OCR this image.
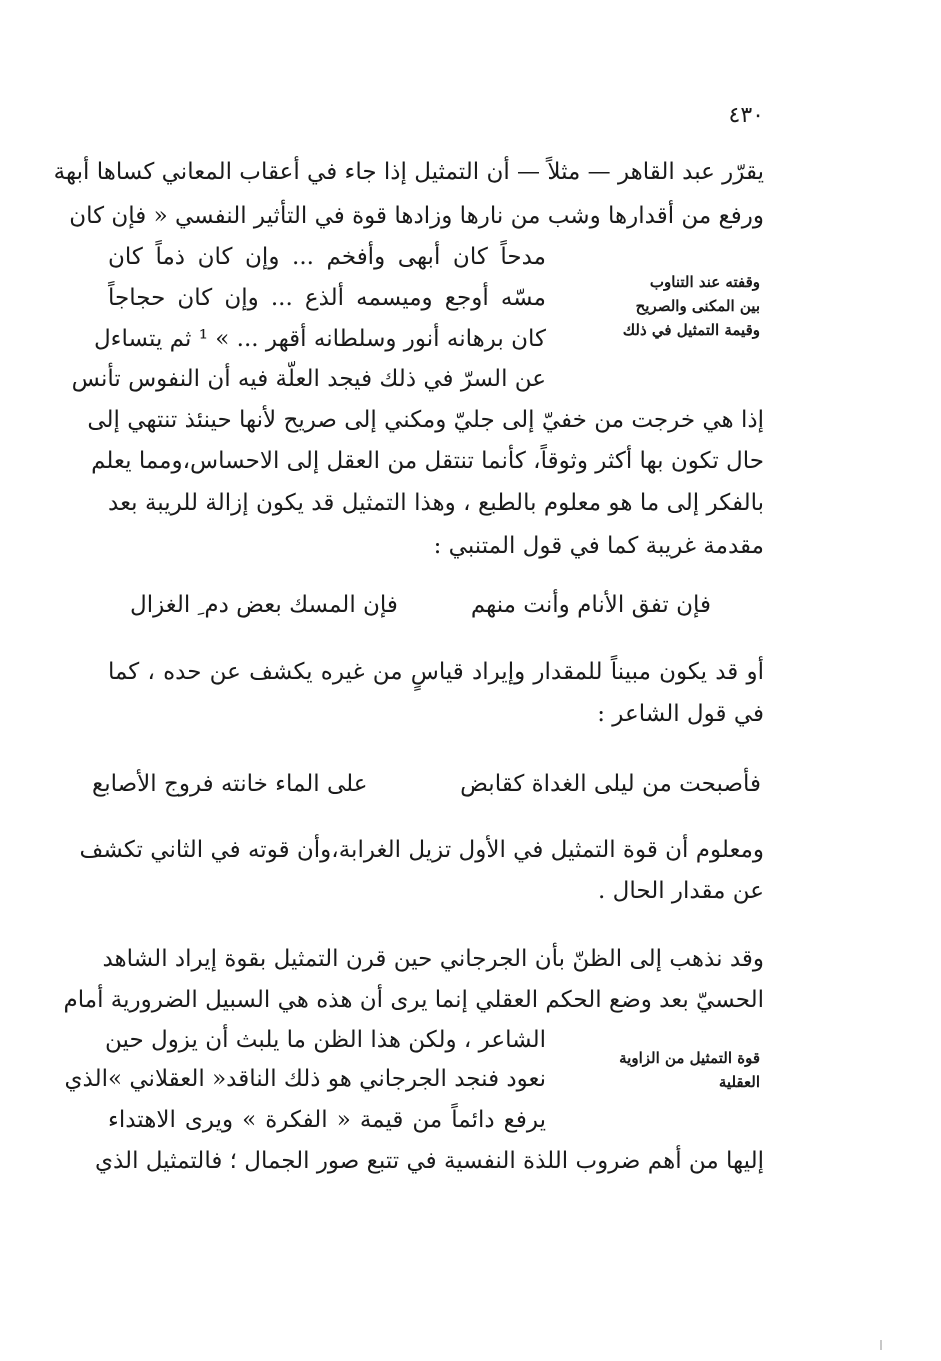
٤٣٠
يقرّر عبد القاهر — مثلاً — أن التمثيل إذا جاء في أعقاب المعاني كساها أبهة
ورفع من أقدارها وشب من نارها وزادها قوة في التأثير النفسي « فإن كان
مدحاً كان أبهى وأفخم ... وإن كان ذماً كان
مسّه أوجع وميسمه ألذع ... وإن كان حجاجاً
كان برهانه أنور وسلطانه أقهر ... » ¹ ثم يتساءل
عن السرّ في ذلك فيجد العلّة فيه أن النفوس تأنس
وقفته عند التناوب
بين المكنى والصريح
وقيمة التمثيل في ذلك
إذا هي خرجت من خفيّ إلى جليّ ومكني إلى صريح لأنها حينئذ تنتهي إلى
حال تكون بها أكثر وثوقاً، كأنما تنتقل من العقل إلى الاحساس،ومما يعلم
بالفكر إلى ما هو معلوم بالطبع ، وهذا التمثيل قد يكون إزالة للريبة بعد
مقدمة غريبة كما في قول المتنبي :
فإن تفق الأنام وأنت منهم
فإن المسك بعض دم ِ الغزال
أو قد يكون مبيناً للمقدار وإيراد قياسٍ من غيره يكشف عن حده ، كما
في قول الشاعر :
فأصبحت من ليلى الغداة كقابض
على الماء خانته فروج الأصابع
ومعلوم أن قوة التمثيل في الأول تزيل الغرابة،وأن قوته في الثاني تكشف
عن مقدار الحال .
وقد نذهب إلى الظنّ بأن الجرجاني حين قرن التمثيل بقوة إيراد الشاهد
الحسيّ بعد وضع الحكم العقلي إنما يرى أن هذه هي السبيل الضرورية أمام
الشاعر ، ولكن هذا الظن ما يلبث أن يزول حين
نعود فنجد الجرجاني هو ذلك الناقد« العقلاني »الذي
يرفع دائماً من قيمة « الفكرة » ويرى الاهتداء
قوة التمثيل من الزاوية
العقلية
إليها من أهم ضروب اللذة النفسية في تتبع صور الجمال ؛ فالتمثيل الذي
